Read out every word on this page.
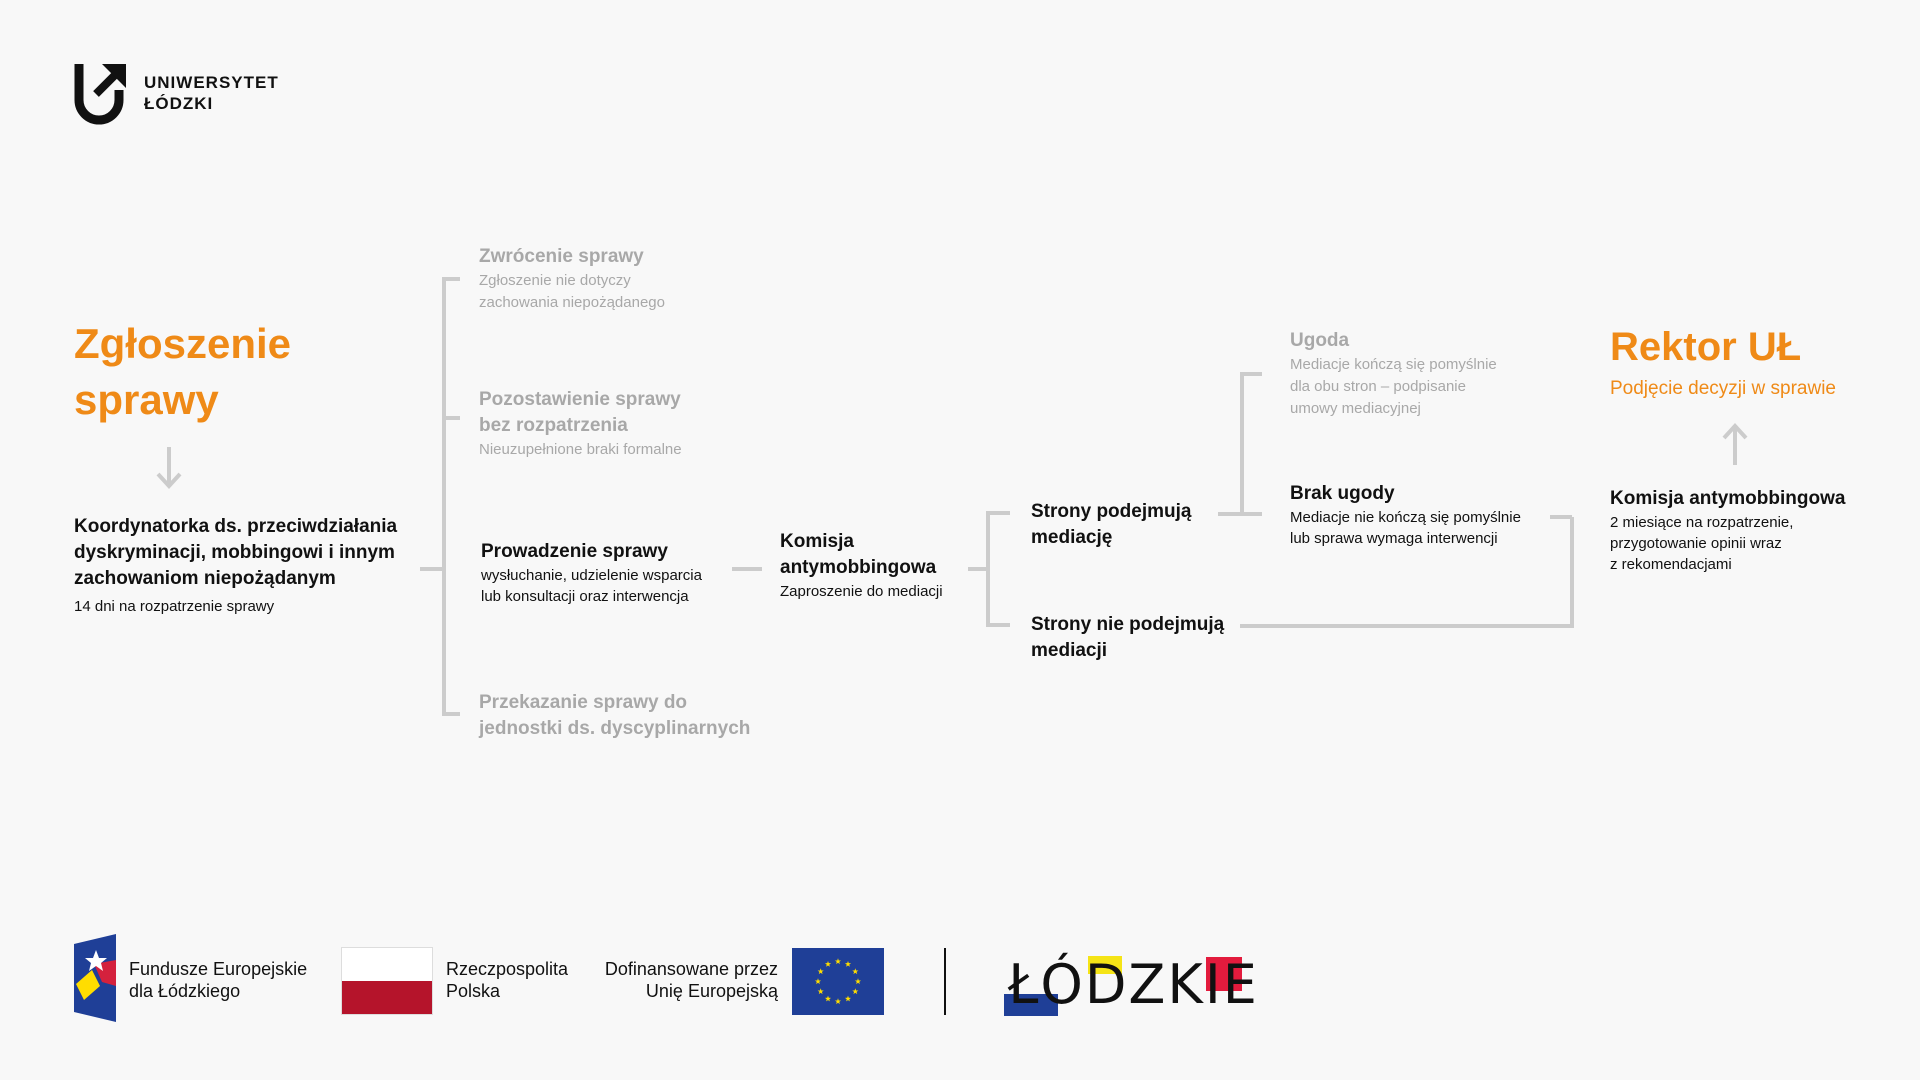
UNIWERSYTET
ŁÓDZKI
Zgłoszenie
sprawy
Koordynatorka ds. przeciwdziałania
dyskryminacji, mobbingowi i innym
zachowaniom niepożądanym
14 dni na rozpatrzenie sprawy
Zwrócenie sprawy
Zgłoszenie nie dotyczy
zachowania niepożądanego
Pozostawienie sprawy
bez rozpatrzenia
Nieuzupełnione braki formalne
Prowadzenie sprawy
wysłuchanie, udzielenie wsparcia
lub konsultacji oraz interwencja
Przekazanie sprawy do
jednostki ds. dyscyplinarnych
Komisja
antymobbingowa
Zaproszenie do mediacji
Strony podejmują
mediację
Strony nie podejmują
mediacji
Ugoda
Mediacje kończą się pomyślnie
dla obu stron – podpisanie
umowy mediacyjnej
Brak ugody
Mediacje nie kończą się pomyślnie
lub sprawa wymaga interwencji
Komisja antymobbingowa
2 miesiące na rozpatrzenie,
przygotowanie opinii wraz
z rekomendacjami
Rektor UŁ
Podjęcie decyzji w sprawie
Fundusze Europejskie
dla Łódzkiego
Rzeczpospolita
Polska
Dofinansowane przez
Unię Europejską	ŁÓDZKIE
